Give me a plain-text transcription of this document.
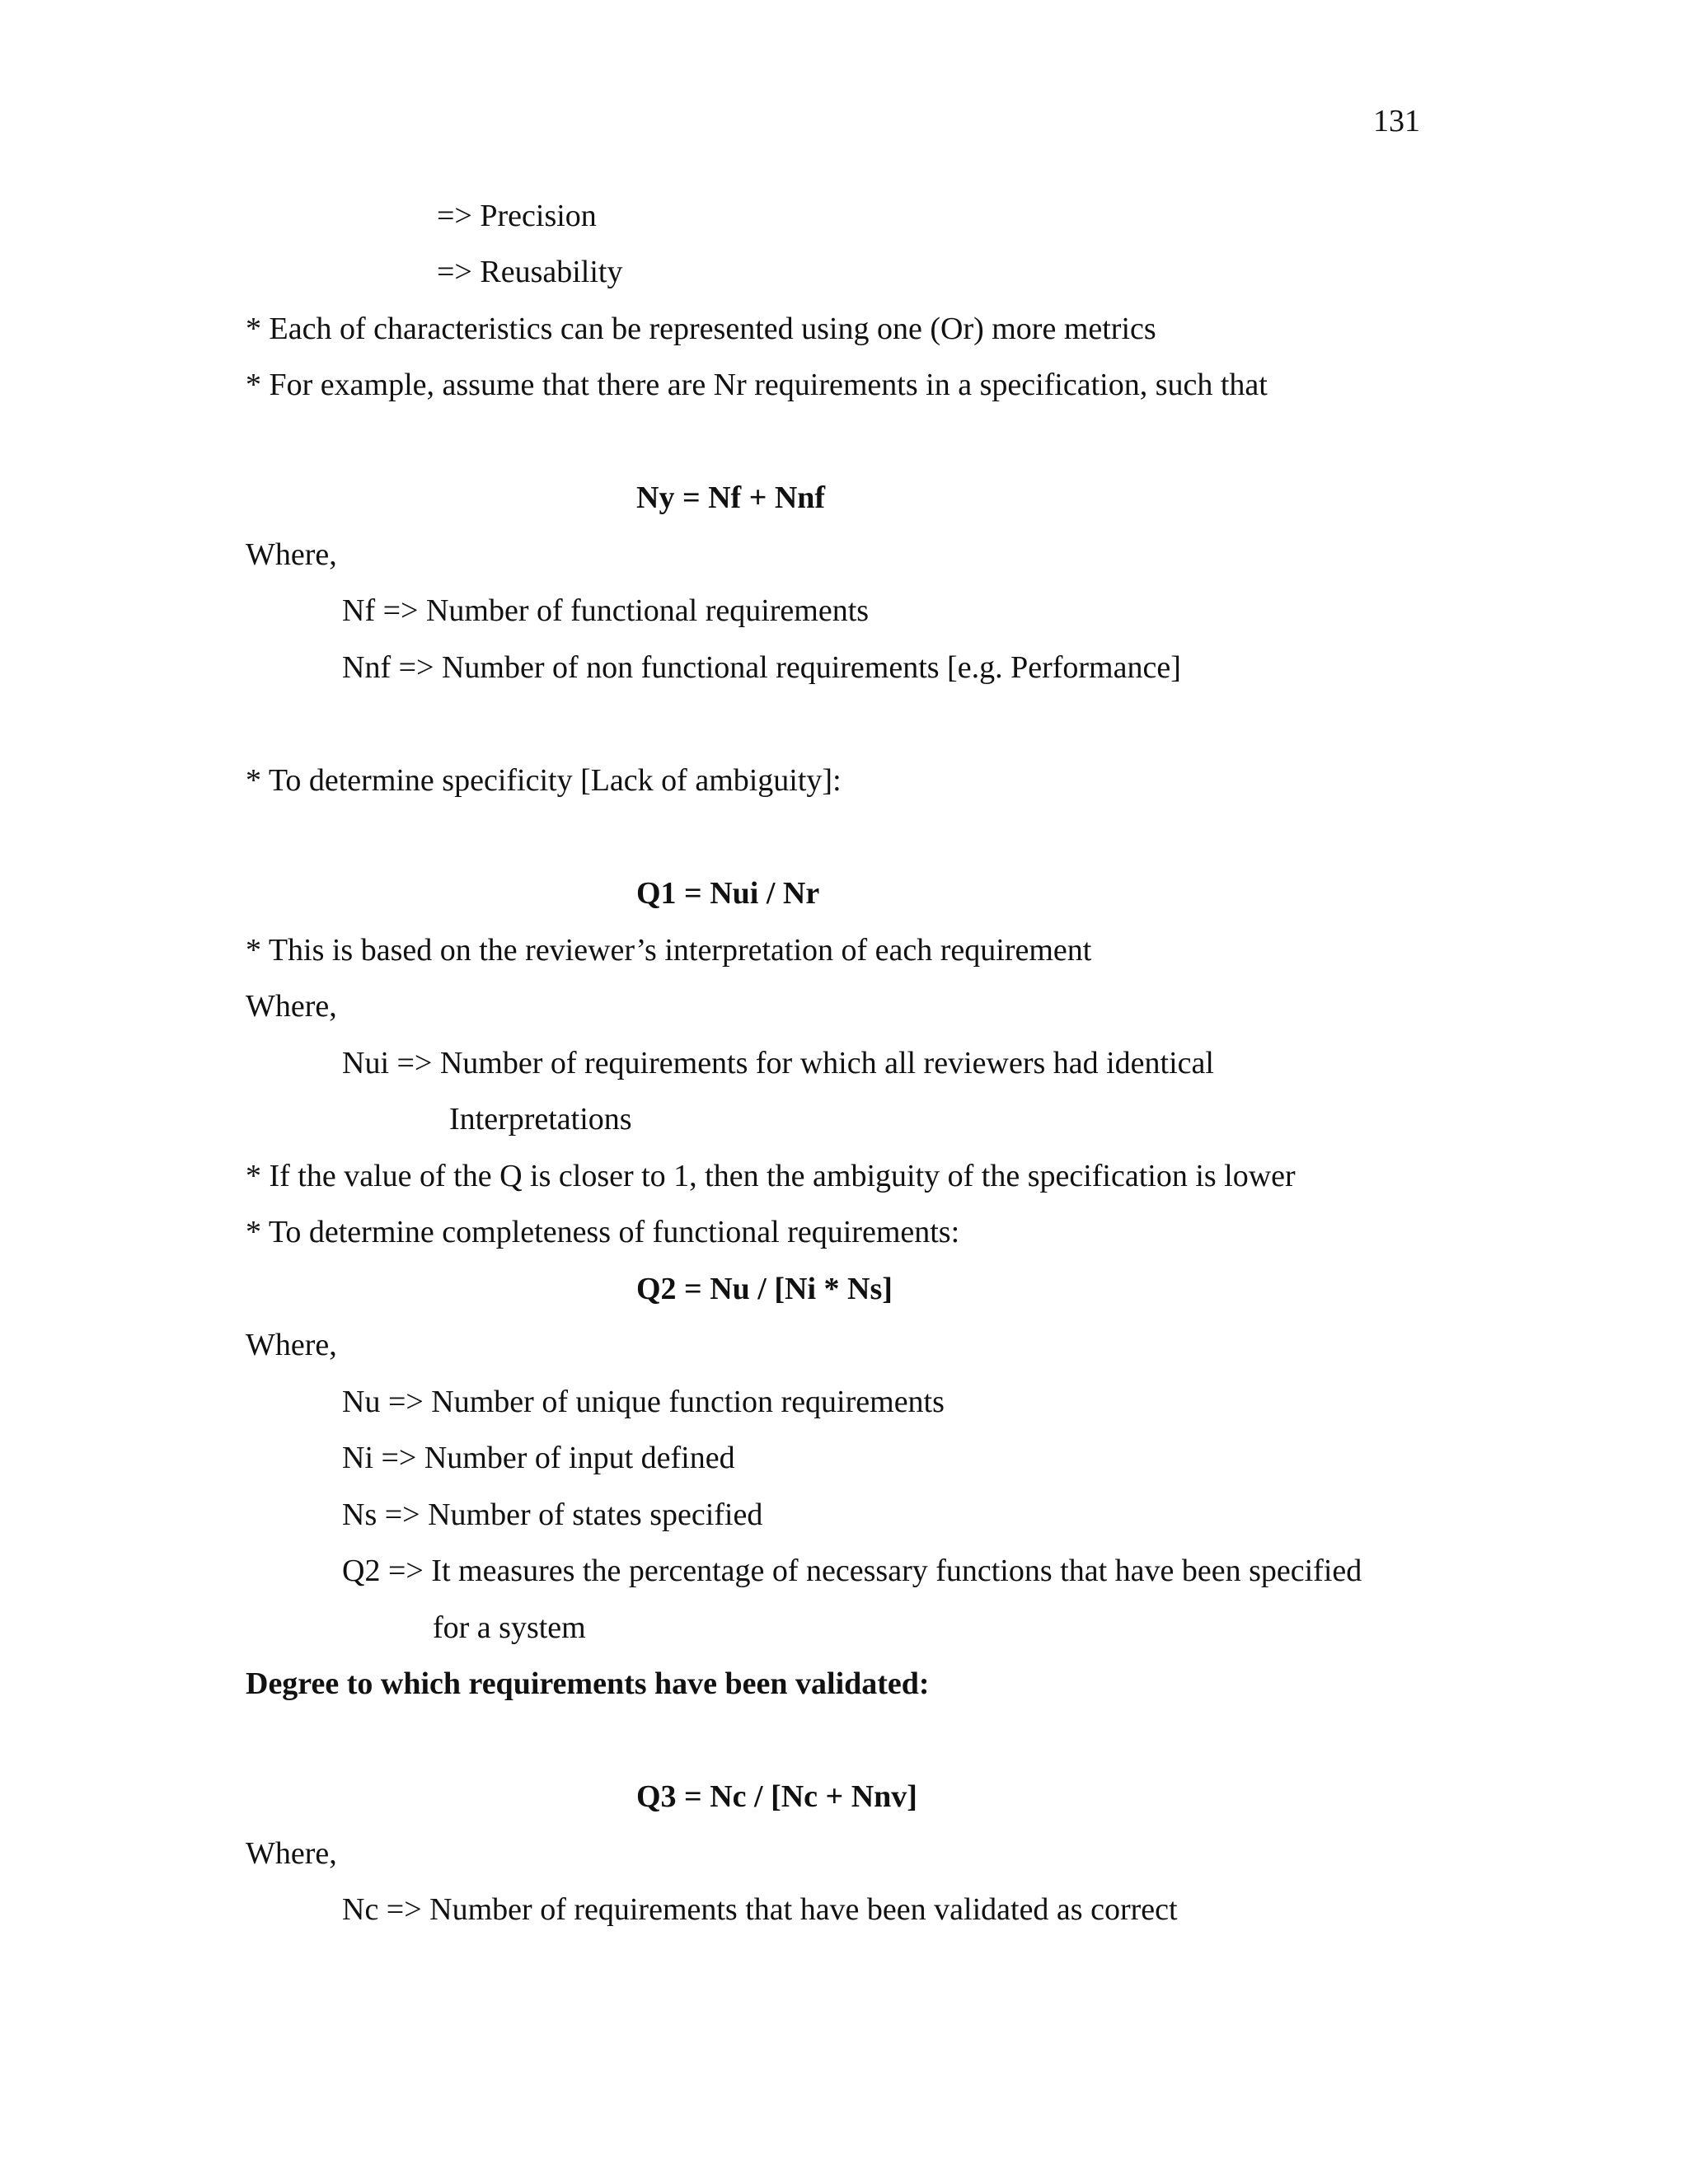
131
=> Precision
=> Reusability
* Each of characteristics can be represented using one (Or) more metrics
* For example, assume that there are Nr requirements in a specification, such that
Ny = Nf + Nnf
Where,
Nf => Number of functional requirements
Nnf => Number of non functional requirements [e.g. Performance]
* To determine specificity [Lack of ambiguity]:
Q1 = Nui / Nr
* This is based on the reviewer’s interpretation of each requirement
Where,
Nui => Number of requirements for which all reviewers had identical
Interpretations
* If the value of the Q is closer to 1, then the ambiguity of the specification is lower
* To determine completeness of functional requirements:
Q2 = Nu / [Ni * Ns]
Where,
Nu => Number of unique function requirements
Ni => Number of input defined
Ns => Number of states specified
Q2 => It measures the percentage of necessary functions that have been specified
for a system
Degree to which requirements have been validated:
Q3 = Nc / [Nc + Nnv]
Where,
Nc => Number of requirements that have been validated as correct
